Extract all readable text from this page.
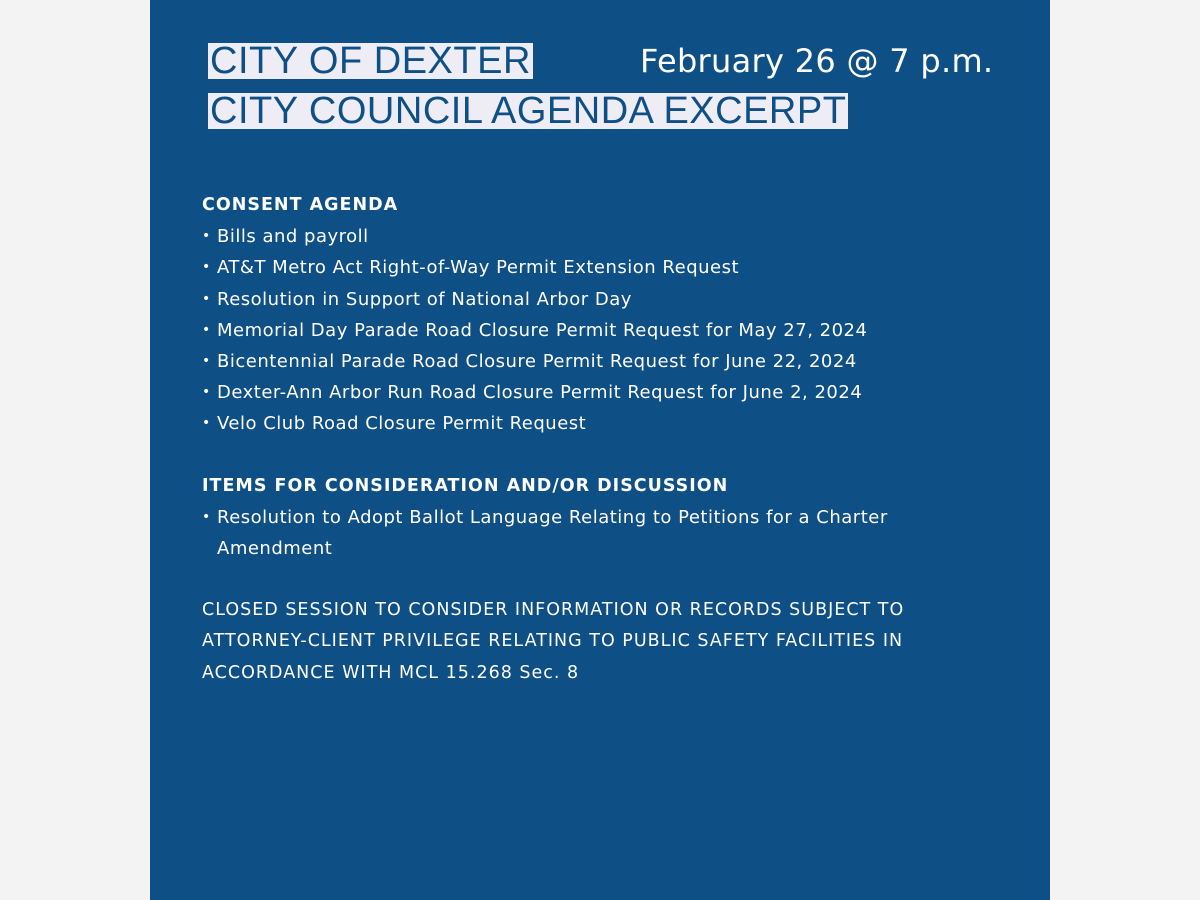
CITY OF DEXTER
CITY COUNCIL AGENDA EXCERPT
February 26 @ 7 p.m.

CONSENT AGENDA

• Bills and payroll
• AT&T Metro Act Right-of-Way Permit Extension Request
• Resolution in Support of National Arbor Day
• Memorial Day Parade Road Closure Permit Request for May 27, 2024
• Bicentennial Parade Road Closure Permit Request for June 22, 2024
• Dexter-Ann Arbor Run Road Closure Permit Request for June 2, 2024
• Velo Club Road Closure Permit Request

ITEMS FOR CONSIDERATION AND/OR DISCUSSION

• Resolution to Adopt Ballot Language Relating to Petitions for a Charter Amendment

CLOSED SESSION TO CONSIDER INFORMATION OR RECORDS SUBJECT TO ATTORNEY-CLIENT PRIVILEGE RELATING TO PUBLIC SAFETY FACILITIES IN ACCORDANCE WITH MCL 15.268 Sec. 8
